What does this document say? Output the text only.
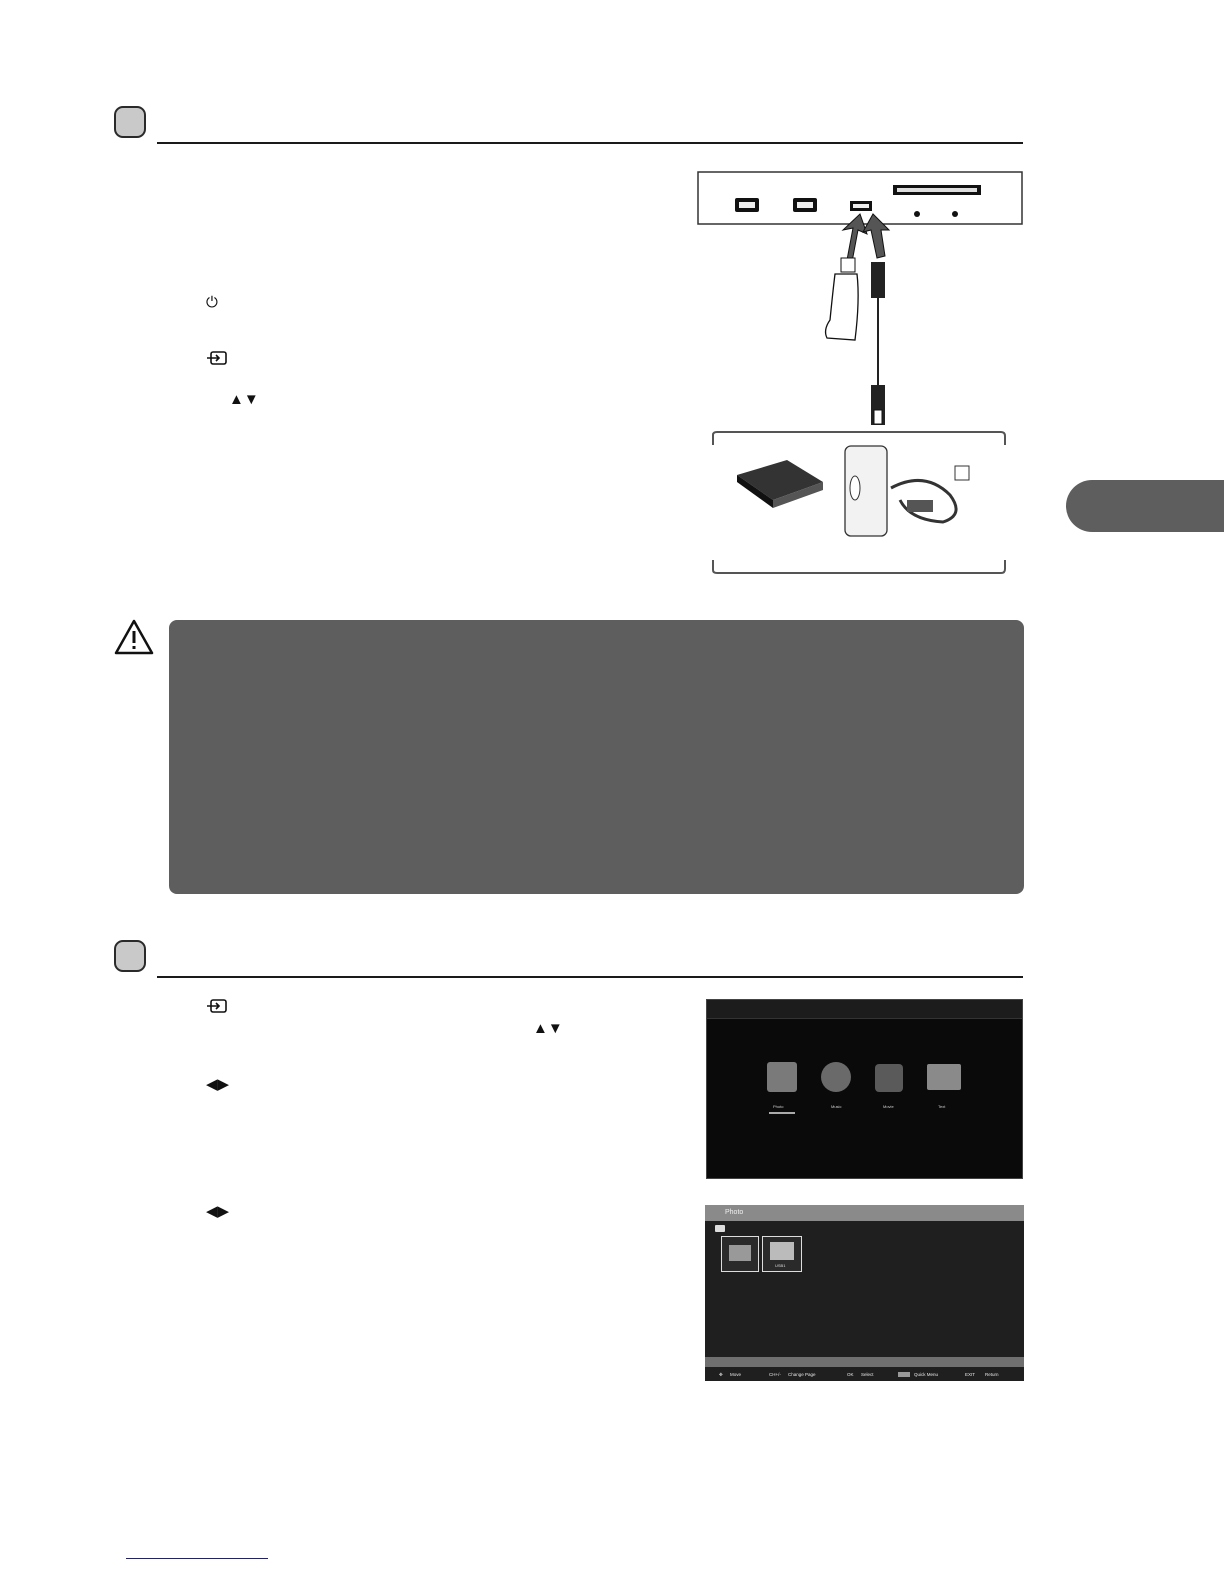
⏻
▲▼
▲▼
◀▶
◀▶
Photo	Music	Movie	Text
Photo
USB1
✥ Move	CH+/- Change Page	OK Select	Quick Menu	EXIT Return
